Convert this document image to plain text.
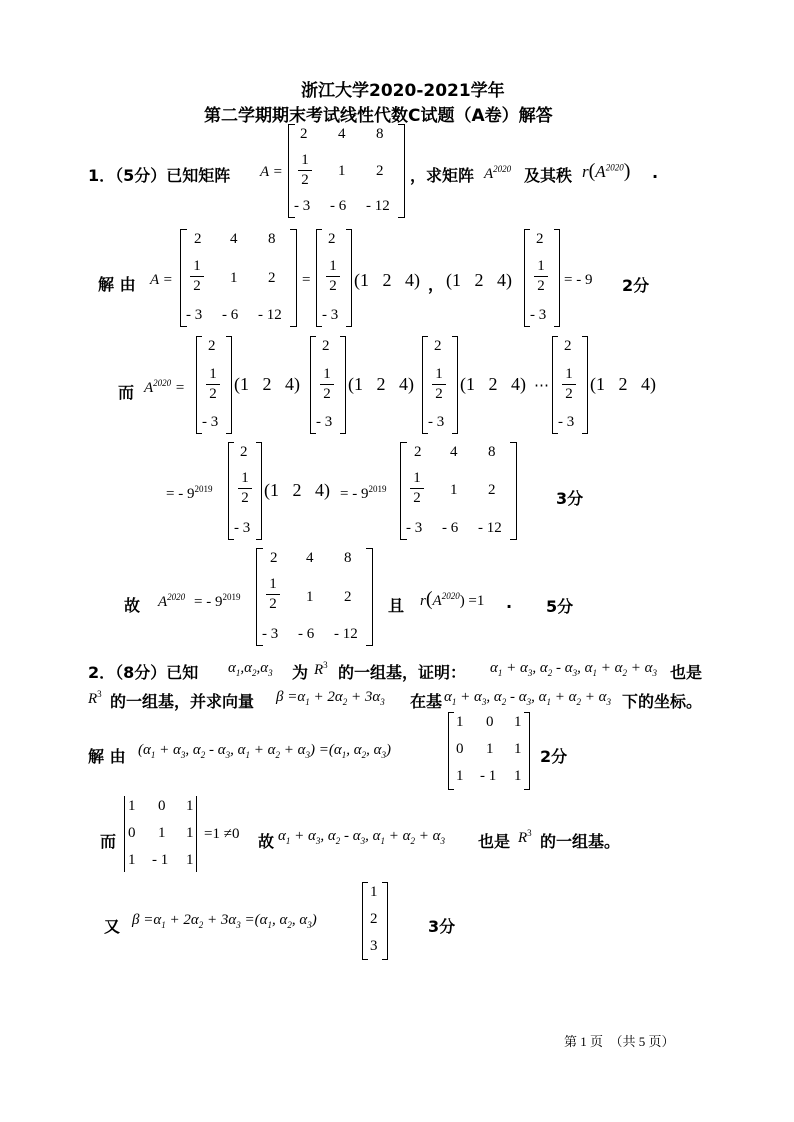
浙江大学2020-2021学年
第二学期期末考试线性代数C试题（A卷）解答
1．（5分）已知矩阵 A =
2 4 8
1
2
1 2
- 3 - 6 - 12
，求矩阵 $A^{2020}$ 及其秩 $r(A^{2020})$ .
解 由 A =
2 4 8
1
2 1 2
- 3 - 6 - 12
=
2
1
2
- 3
(1   2   4) ， (1   2   4)
2
1
2
- 3
= - 9 2分
而 $A^{2020}$ =
2
1
2
- 3
(1   2   4)
2
1
2
- 3
(1   2   4)
2
1
2
- 3
(1   2   4) ⋯
2
1
2
- 3
(1   2   4)
= - $9^{2019}$
2
1
2
- 3
(1   2   4) = - $9^{2019}$
2 4 8
1
2 1 2
- 3 - 6 - 12
3分
故 $A^{2020}$ = - $9^{2019}$
2 4 8
1
2 1 2
- 3 - 6 - 12
且 $r(A^{2020}) =1$ . 5分
2．（8分）已知 $\alpha_1,\alpha_2,\alpha_3$ 为 $R^3$ 的一组基，证明： $\alpha_1 + \alpha_3$, $\alpha_2 - \alpha_3$, $\alpha_1 + \alpha_2 + \alpha_3$ 也是
$R^3$ 的一组基，并求向量 $\beta =\alpha_1 + 2\alpha_2 + 3\alpha_3$ 在基 $\alpha_1 + \alpha_3$, $\alpha_2 - \alpha_3$, $\alpha_1 + \alpha_2 + \alpha_3$ 下的坐标。
解 由 ($\alpha_1 + \alpha_3$, $\alpha_2 - \alpha_3$, $\alpha_1 + \alpha_2 + \alpha_3) =(\alpha_1$, $\alpha_2$, $\alpha_3$)
1 0 1
0 1 1
1 - 1 1
2分
而
1 0 1
0 1 1
1 - 1 1
=1 ≠0 故 $\alpha_1 + \alpha_3$, $\alpha_2 - \alpha_3$, $\alpha_1 + \alpha_2 + \alpha_3$ 也是 $R^3$ 的一组基。
又 $\beta =\alpha_1 + 2\alpha_2 + 3\alpha_3 =(\alpha_1$, $\alpha_2$, $\alpha_3$)
1
2
3
3分
第 1 页　（共 5 页）
